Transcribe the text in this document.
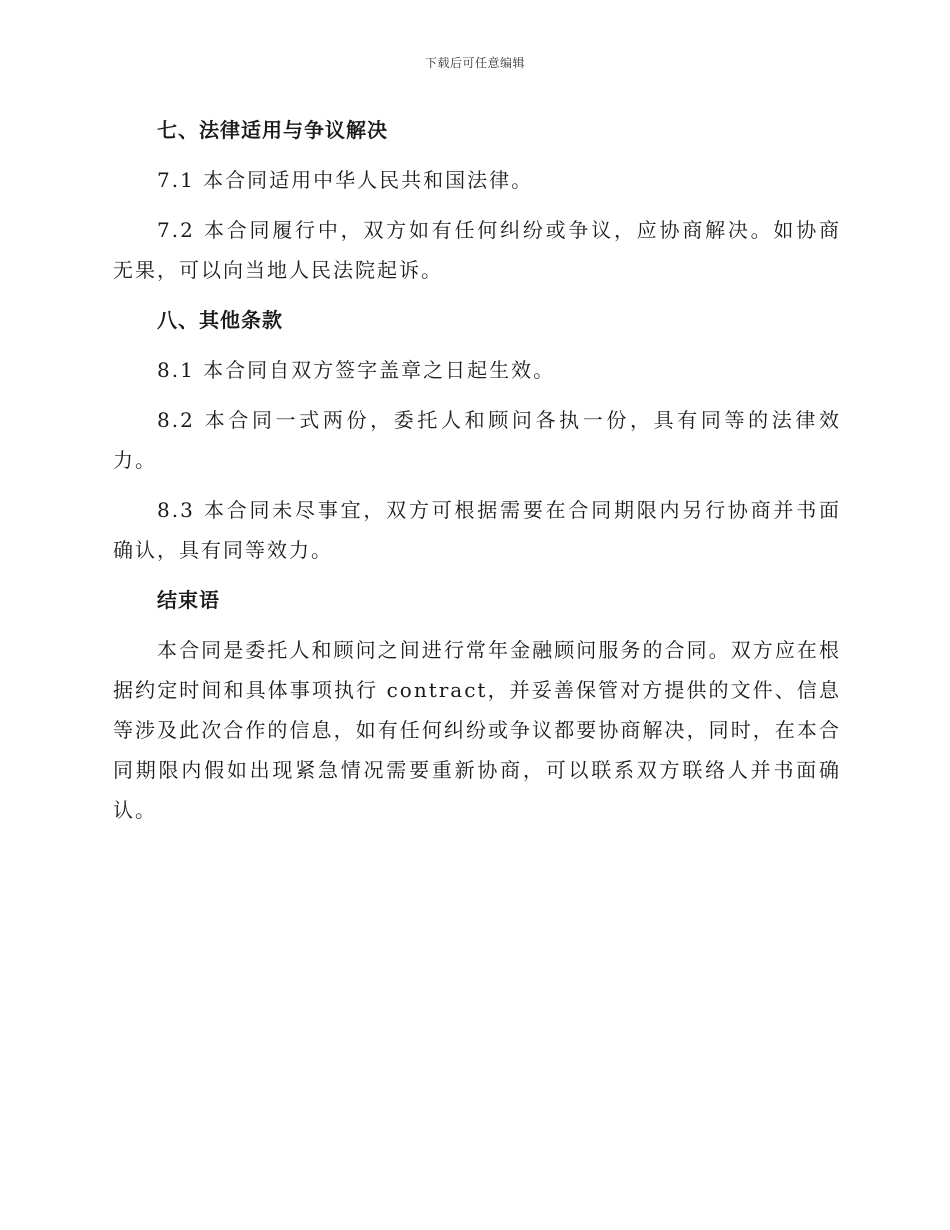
下载后可任意编辑
七、法律适用与争议解决

7.1 本合同适用中华人民共和国法律。

7.2 本合同履行中，双方如有任何纠纷或争议，应协商解决。如协商无果，可以向当地人民法院起诉。

八、其他条款

8.1 本合同自双方签字盖章之日起生效。

8.2 本合同一式两份，委托人和顾问各执一份，具有同等的法律效力。

8.3 本合同未尽事宜，双方可根据需要在合同期限内另行协商并书面确认，具有同等效力。

结束语

本合同是委托人和顾问之间进行常年金融顾问服务的合同。双方应在根据约定时间和具体事项执行 contract，并妥善保管对方提供的文件、信息等涉及此次合作的信息，如有任何纠纷或争议都要协商解决，同时，在本合同期限内假如出现紧急情况需要重新协商，可以联系双方联络人并书面确认。
